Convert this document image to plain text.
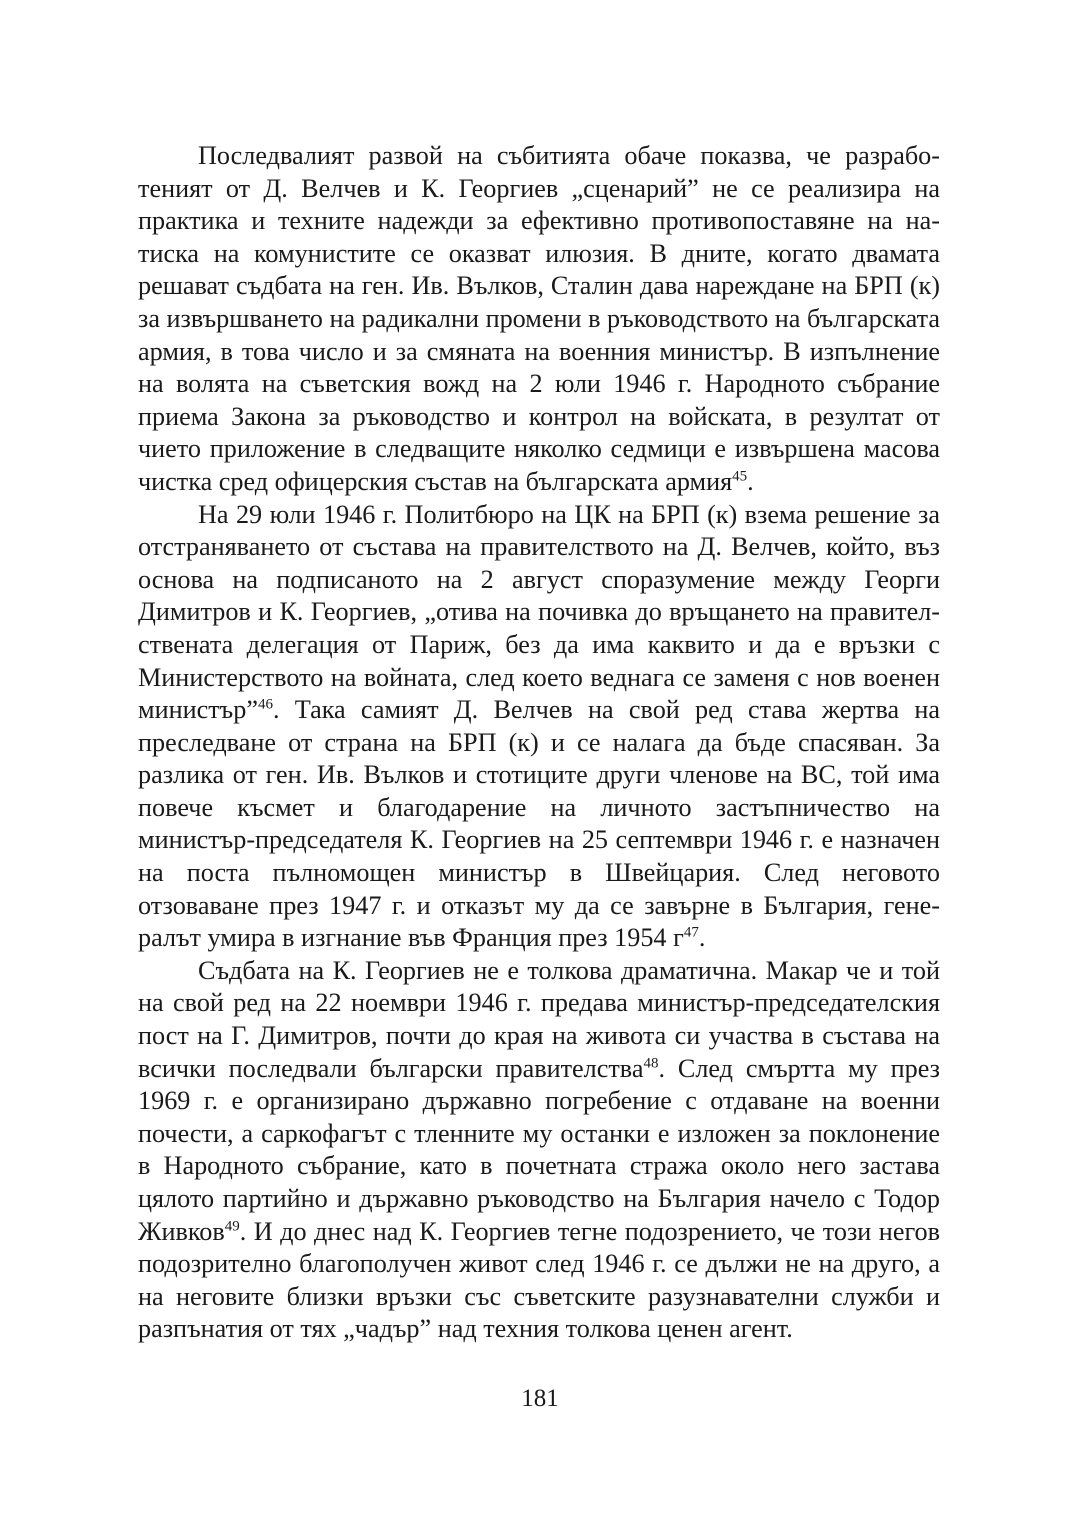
Последвалият развой на събитията обаче показва, че разработеният от Д. Велчев и К. Георгиев „сценарий” не се реализира на практика и техните надежди за ефективно противопоставяне на натиска на комунистите се оказват илюзия. В дните, когато двамата решават съдбата на ген. Ив. Вълков, Сталин дава нареждане на БРП (к) за извършването на радикални промени в ръководството на българската армия, в това число и за смяната на военния министър. В изпълнение на волята на съветския вожд на 2 юли 1946 г. Народното събрание приема Закона за ръководство и контрол на войската, в резултат от чието приложение в следващите няколко седмици е извършена масова чистка сред офицерския състав на българската армия$^{45}$.

На 29 юли 1946 г. Политбюро на ЦК на БРП (к) взема решение за отстраняването от състава на правителството на Д. Велчев, който, въз основа на подписаното на 2 август споразумение между Георги Димитров и К. Георгиев, „отива на почивка до връщането на правителствената делегация от Париж, без да има каквито и да е връзки с Министерството на войната, след което веднага се заменя с нов военен министър”$^{46}$. Така самият Д. Велчев на свой ред става жертва на преследване от страна на БРП (к) и се налага да бъде спасяван. За разлика от ген. Ив. Вълков и стотиците други членове на ВС, той има повече късмет и благодарение на личното застъпничество на министър-председателя К. Георгиев на 25 септември 1946 г. е назначен на поста пълномощен министър в Швейцария. След неговото отзоваване през 1947 г. и отказът му да се завърне в България, генералът умира в изгнание във Франция през 1954 $г^{47}$.

Съдбата на К. Георгиев не е толкова драматична. Макар че и той на свой ред на 22 ноември 1946 г. предава министър-председателския пост на Г. Димитров, почти до края на живота си участва в състава на всички последвали български правителства$^{48}$. След смъртта му през 1969 г. е организирано държавно погребение с отдаване на военни почести, а саркофагът с тленните му останки е изложен за поклонение в Народното събрание, като в почетната стража около него застава цялото партийно и държавно ръководство на България начело с Тодор Живков$^{49}$. И до днес над К. Георгиев тегне подозрението, че този негов подозрително благополучен живот след 1946 г. се дължи не на друго, а на неговите близки връзки със съветските разузнавателни служби и разпънатия от тях „чадър” над техния толкова ценен агент.

181
